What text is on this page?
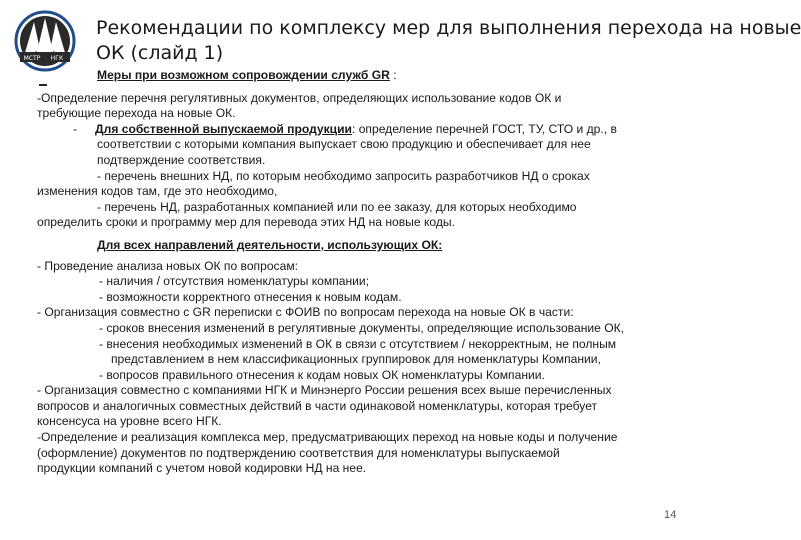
МСТР НГК
Рекомендации по комплексу мер для выполнения перехода на новые
ОК (слайд 1)
Меры при возможном сопровождении служб GR :
-Определение перечня регулятивных документов, определяющих использование кодов ОК и
требующие перехода на новые ОК.
- Для собственной выпускаемой продукции: определение перечней ГОСТ, ТУ, СТО и др., в
соответствии с которыми компания выпускает свою продукцию и обеспечивает для нее
подтверждение соответствия.
- перечень внешних НД, по которым необходимо запросить разработчиков НД о сроках
изменения кодов там, где это необходимо,
- перечень НД, разработанных компанией или по ее заказу, для которых необходимо
определить сроки и программу мер для перевода этих НД на новые коды.
Для всех направлений деятельности, использующих ОК:
- Проведение анализа новых ОК по вопросам:
- наличия / отсутствия номенклатуры компании;
- возможности корректного отнесения к новым кодам.
- Организация совместно с GR переписки с ФОИВ по вопросам перехода на новые ОК в части:
- сроков внесения изменений в регулятивные документы, определяющие использование ОК,
- внесения необходимых изменений в ОК в связи с отсутствием / некорректным, не полным
представлением в нем классификационных группировок для номенклатуры Компании,
- вопросов правильного отнесения к кодам новых ОК номенклатуры Компании.
- Организация совместно с компаниями НГК и Минэнерго России решения всех выше перечисленных
вопросов и аналогичных совместных действий в части одинаковой номенклатуры, которая требует
консенсуса на уровне всего НГК.
-Определение и реализация комплекса мер, предусматривающих переход на новые коды и получение
(оформление) документов по подтверждению соответствия для номенклатуры выпускаемой
продукции компаний с учетом новой кодировки НД на нее.
14
